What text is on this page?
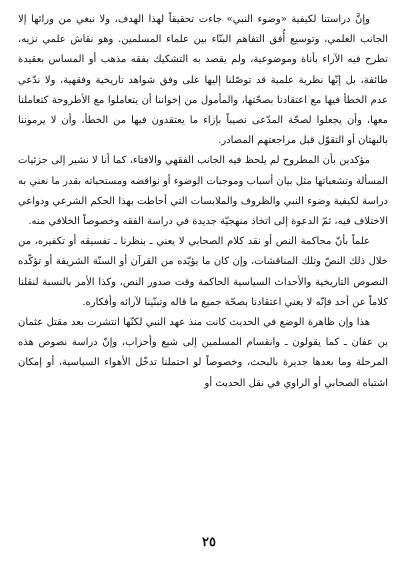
وإنَّ دراستنا لكيفية «وضوء النبي» جاءت تحقيقاً لهذا الهدف، ولا نبغي من ورائها إلا الجانب العلمي، وتوسيع أُفق التفاهم البنّاء بين علماء المسلمين. وهو نقاش علمي نزيه، تطرح فيه الآراء بأناة وموضوعية، ولم يقصد به التشكيك بفقه مذهب أو المساس بعقيدة طائفة، بل إنّها نظرية علمية قد توصّلنا إليها على وفق شواهد تاريخية وفقهية، ولا ندّعي عدم الخطأ فيها مع اعتقادنا بصحّتها، والمأمول من إخواننا أن يتعاملوا مع الأطروحة كتعاملنا معها، وأن يجعلوا لصحّة المدّعى نصيباً بإزاء ما يعتقدون فيها من الخطأ، وأن لا يرموننا بالبهتان أو التقوّل قبل مراجعتهم المصادر.

مؤكدين بأن المطروح لم يلحظ فيه الجانب الفقهي والافتاء، كما أنا لا نشير إلى جزئيات المسألة وتشعباتها مثل بيان أسباب وموجبات الوضوء أو نواقضه ومستحباته بقدر ما نعني به دراسة لكيفية وضوء النبي والظروف والملابسات التي أحاطت بهذا الحكم الشرعي ودواعي الاختلاف فيه، ثمّ الدعوة إلى اتخاذ منهجيّة جديدة في دراسة الفقه وخصوصاً الخلافي منه.

علماً بأنّ محاكمة النص أو نقد كلام الصحابي لا يعني ـ بنظرنا ـ تفسيقه أو تكفيره، من خلال ذلك النصّ وتلك المناقشات، وإن كان ما يؤيّده من القرآن أو السنّة الشريفة أو تؤكّده النصوص التاريخية والأحداث السياسية الحاكمة وقت صدور النص، وكذا الأمر بالنسبة لنقلنا كلاماً عن أحد فإنّه لا يعني اعتقادنا بصحّة جميع ما قاله وتبنّينا لآرائه وأفكاره.

هذا وإن ظاهرة الوضع في الحديث كانت منذ عهد النبي لكنّها انتشرت بعد مقتل عثمان بن عفان ـ كما يقولون ـ وانقسام المسلمين إلى شيع وأحزاب، وإنّ دراسة نصوص هذه المرحلة وما بعدها جديرة بالبحث، وخصوصاً لو احتملنا تدخّل الأهواء السياسية، أو إمكان اشتباه الصحابي أو الراوي في نقل الحديث أو

٢٥
